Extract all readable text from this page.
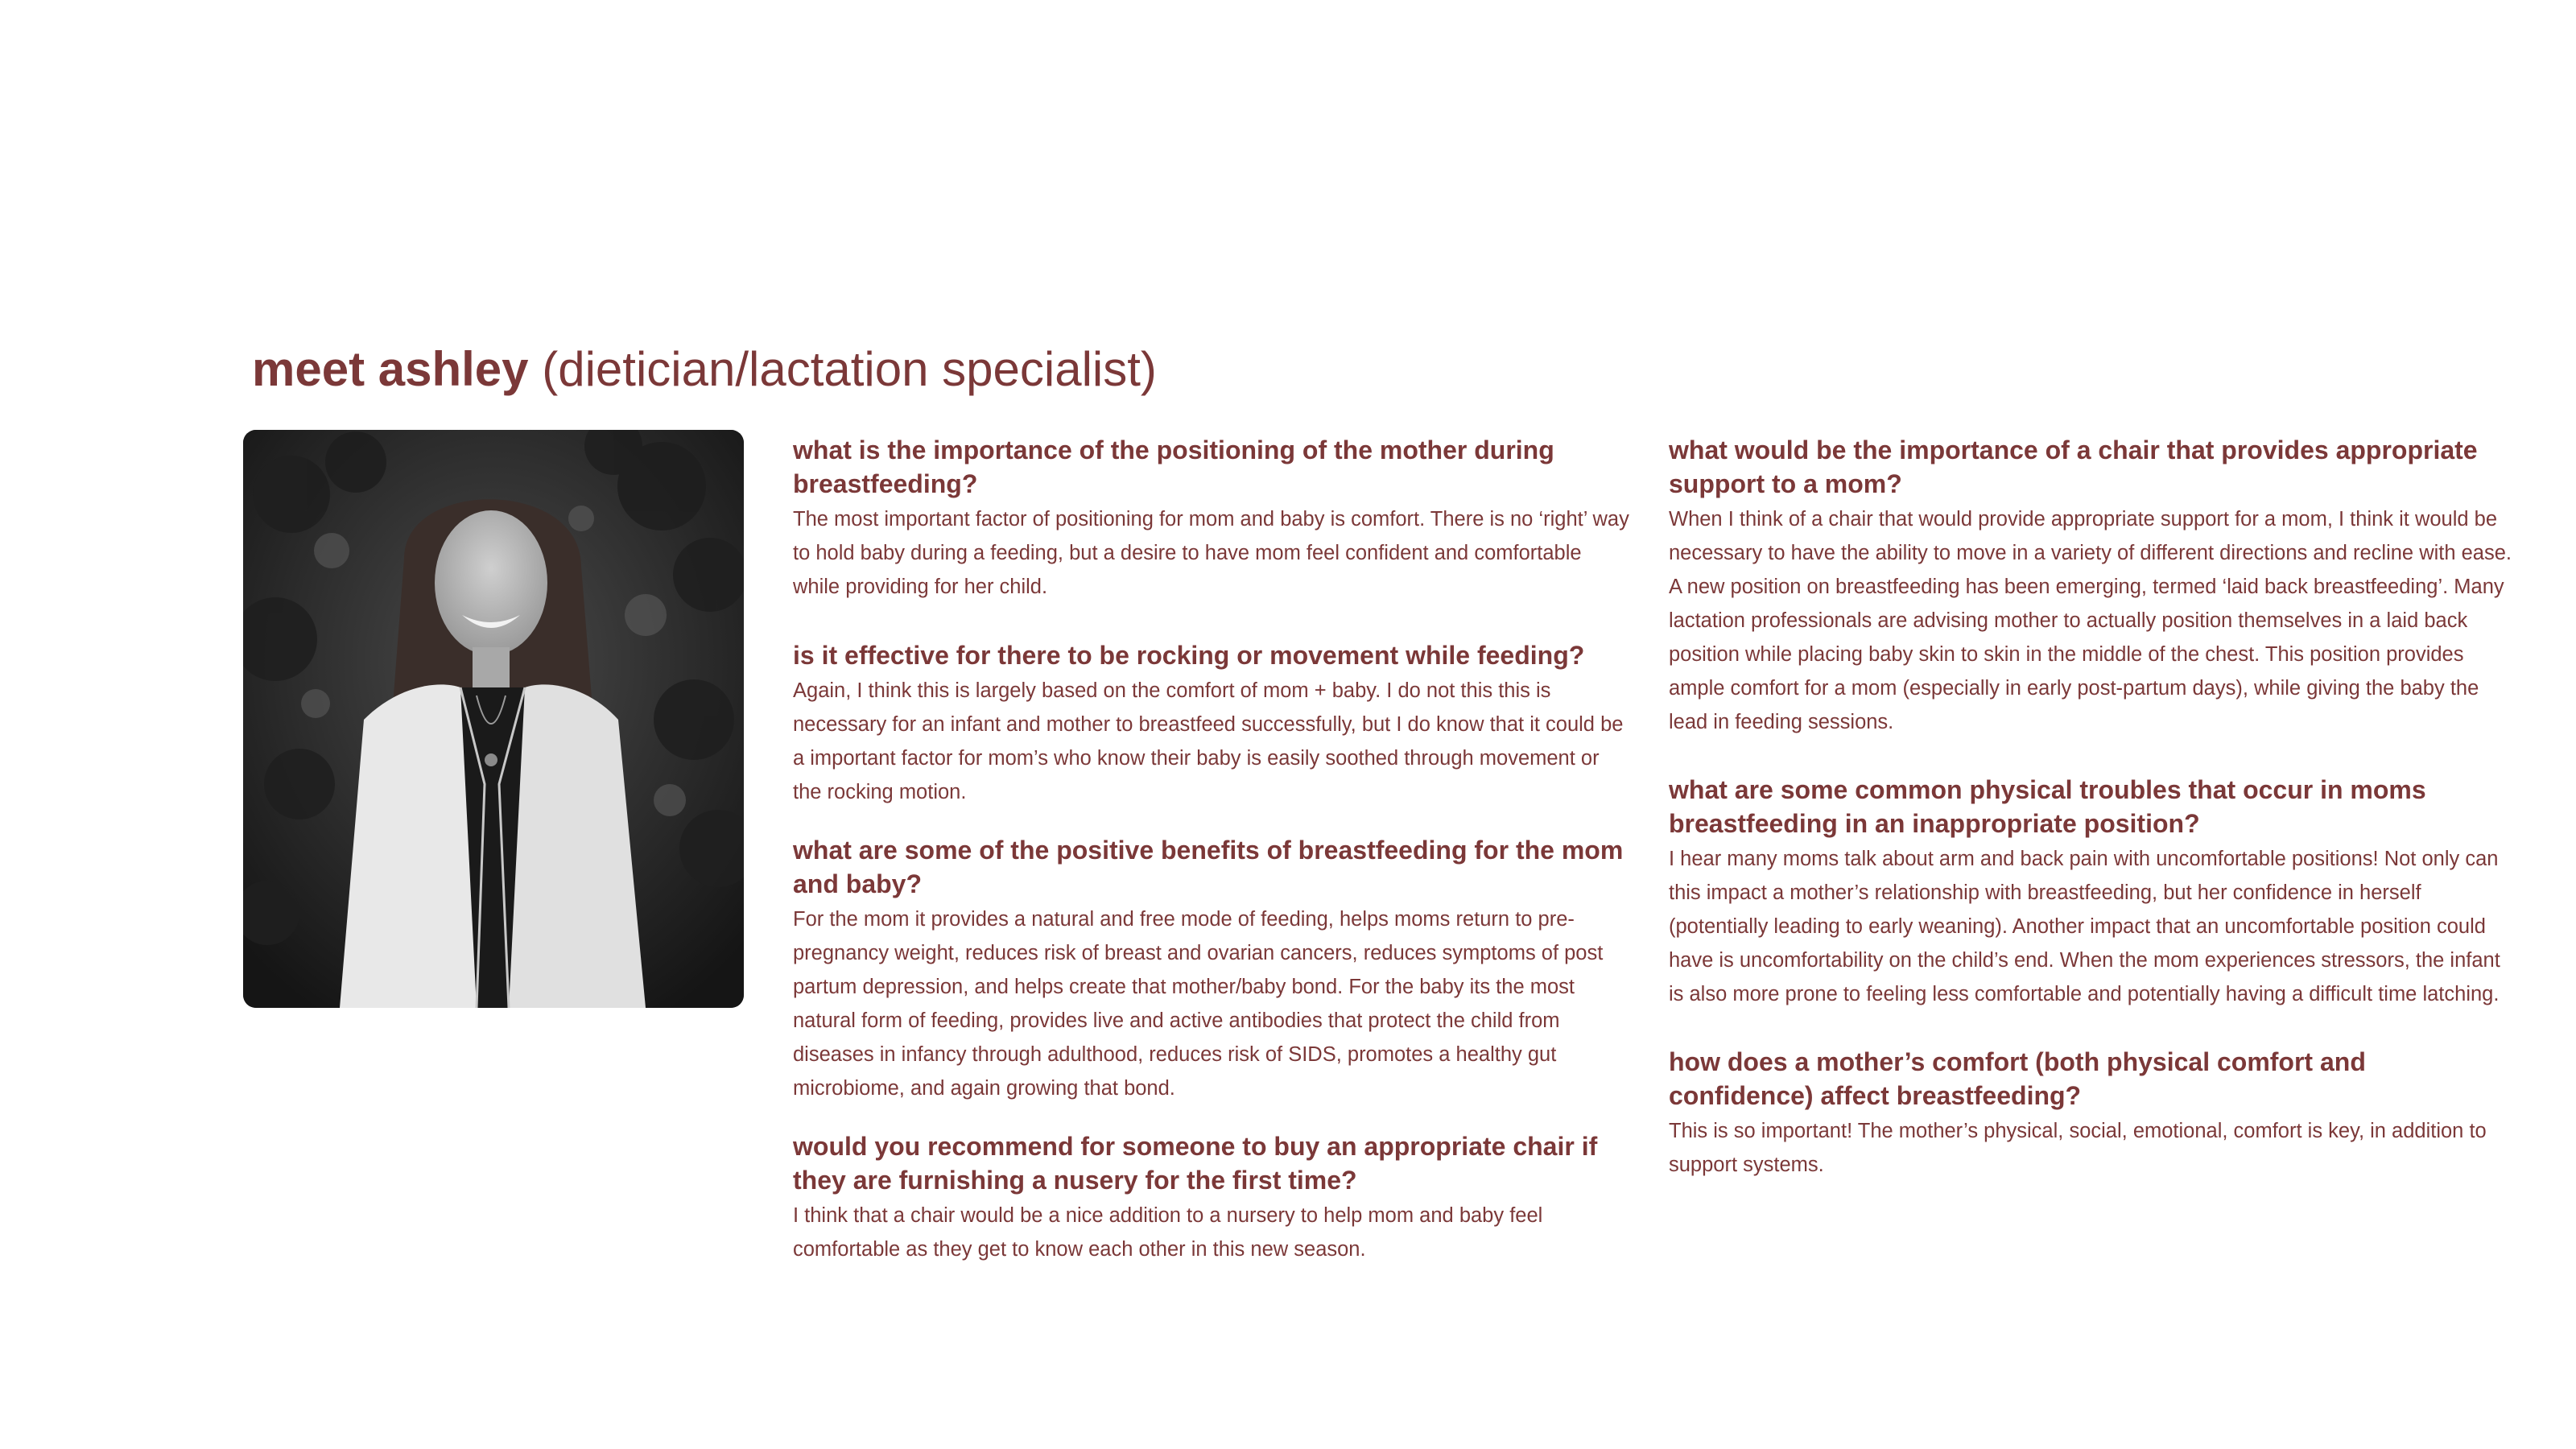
meet ashley (dietician/lactation specialist)

what is the importance of the positioning of the mother during breastfeeding?

The most important factor of positioning for mom and baby is comfort. There is no ‘right’ way to hold baby during a feeding, but a desire to have mom feel confident and comfortable while providing for her child.

is it effective for there to be rocking or movement while feeding?

Again, I think this is largely based on the comfort of mom + baby. I do not this this is necessary for an infant and mother to breastfeed successfully, but I do know that it could be a important factor for mom’s who know their baby is easily soothed through movement or the rocking motion.

what are some of the positive benefits of breastfeeding for the mom and baby?

For the mom it provides a natural and free mode of feeding, helps moms return to pre-pregnancy weight, reduces risk of breast and ovarian cancers, reduces symptoms of post partum depression, and helps create that mother/baby bond. For the baby its the most natural form of feeding, provides live and active antibodies that protect the child from diseases in infancy through adulthood, reduces risk of SIDS, promotes a healthy gut microbiome, and again growing that bond.

would you recommend for someone to buy an appropriate chair if they are furnishing a nusery for the first time?

I think that a chair would be a nice addition to a nursery to help mom and baby feel comfortable as they get to know each other in this new season.

what would be the importance of a chair that provides appropriate support to a mom?

When I think of a chair that would provide appropriate support for a mom, I think it would be necessary to have the ability to move in a variety of different directions and recline with ease. A new position on breastfeeding has been emerging, termed ‘laid back breastfeeding’. Many lactation professionals are advising mother to actually position themselves in a laid back position while placing baby skin to skin in the middle of the chest. This position provides ample comfort for a mom (especially in early post-partum days), while giving the baby the lead in feeding sessions.

what are some common physical troubles that occur in moms breastfeeding in an inappropriate position?

I hear many moms talk about arm and back pain with uncomfortable positions! Not only can this impact a mother’s relationship with breastfeeding, but her confidence in herself (potentially leading to early weaning). Another impact that an uncomfortable position could have is uncomfortability on the child’s end. When the mom experiences stressors, the infant is also more prone to feeling less comfortable and potentially having a difficult time latching.

how does a mother’s comfort (both physical comfort and confidence) affect breastfeeding?

This is so important! The mother’s physical, social, emotional, comfort is key, in addition to support systems.
